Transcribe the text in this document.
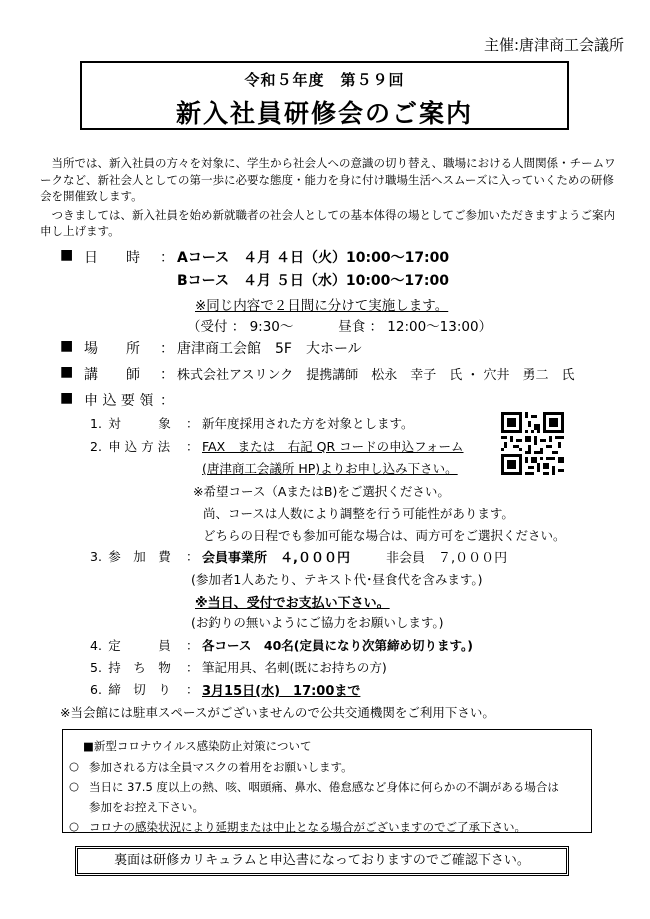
主催:唐津商工会議所
令和５年度　第５９回
新入社員研修会のご案内

　当所では、新入社員の方々を対象に、学生から社会人への意識の切り替え、職場における人間関係・チームワークなど、新社会人としての第一歩に必要な態度・能力を身に付け職場生活へスムーズに入っていくための研修会を開催致します。

　つきましては、新入社員を始め新就職者の社会人としての基本体得の場としてご参加いただきますようご案内申し上げます。

■ 日　　時 ： Aコース　４月 ４日（火）10:00～17:00
Bコース　４月 ５日（水）10:00～17:00
※同じ内容で２日間に分けて実施します。
（受付 ： 9:30～　　　 昼食 ： 12:00～13:00）
■ 場　　所 ： 唐津商工会館　5F　大ホール
■ 講　　師 ： 株式会社アスリンク　提携講師　松永　幸子　氏 ・ 穴井　勇二　氏
■ 申 込 要 領 ：
1.  対　　　象 ： 新年度採用された方を対象とします。
2.  申 込 方 法 ： FAX　または　右記 QR コードの申込フォーム
(唐津商工会議所 HP)よりお申し込み下さい。
※希望コース（AまたはB)をご選択ください。
尚、コースは人数により調整を行う可能性があります。
どちらの日程でも参加可能な場合は、両方可をご選択ください。
3.  参　加　費 ： 会員事業所　４,０００円	非会員　７,０００円
(参加者1人あたり、テキスト代･昼食代を含みます。)
※当日、受付でお支払い下さい。
(お釣りの無いようにご協力をお願いします。)
4.  定　　　員 ： 各コース　40名(定員になり次第締め切ります。)
5.  持　ち　物 ： 筆記用具、名刺(既にお持ちの方)
6.  締　切　り ： 3月15日(水)　17:00まで
※当会館には駐車スペースがございませんので公共交通機関をご利用下さい。
■新型コロナウイルス感染防止対策について
○ 参加される方は全員マスクの着用をお願いします。
○ 当日に 37.5 度以上の熱、咳、咽頭痛、鼻水、倦怠感など身体に何らかの不調がある場合は
参加をお控え下さい。
○ コロナの感染状況により延期または中止となる場合がございますのでご了承下さい。
裏面は研修カリキュラムと申込書になっておりますのでご確認下さい。
